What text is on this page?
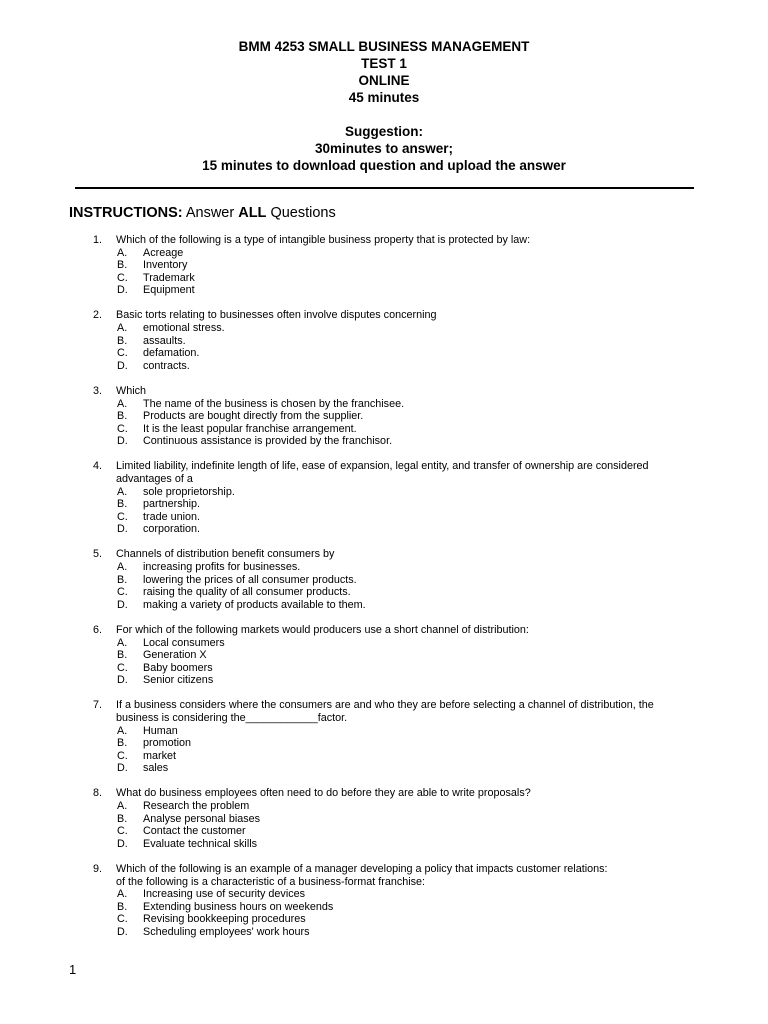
BMM 4253 SMALL BUSINESS MANAGEMENT
TEST 1
ONLINE
45 minutes
Suggestion:
30minutes to answer;
15 minutes to download question and upload the answer
INSTRUCTIONS: Answer ALL Questions
1.	Which of the following is a type of intangible business property that is protected by law:
A.	Acreage
B.	Inventory
C.	Trademark
D.	Equipment
2.	Basic torts relating to businesses often involve disputes concerning
A.	emotional stress.
B.	assaults.
C.	defamation.
D.	contracts.
3.	Which
A.	The name of the business is chosen by the franchisee.
B.	Products are bought directly from the supplier.
C.	It is the least popular franchise arrangement.
D.	Continuous assistance is provided by the franchisor.
4.	Limited liability, indefinite length of life, ease of expansion, legal entity, and transfer of ownership are considered
advantages of a
A.	sole proprietorship.
B.	partnership.
C.	trade union.
D.	corporation.
5.	Channels of distribution benefit consumers by
A.	increasing profits for businesses.
B.	lowering the prices of all consumer products.
C.	raising the quality of all consumer products.
D.	making a variety of products available to them.
6.	For which of the following markets would producers use a short channel of distribution:
A.	Local consumers
B.	Generation X
C.	Baby boomers
D.	Senior citizens
7.	If a business considers where the consumers are and who they are before selecting a channel of distribution, the
business is considering the____________factor.
A.	Human
B.	promotion
C.	market
D.	sales
8.	What do business employees often need to do before they are able to write proposals?
A.	Research the problem
B.	Analyse personal biases
C.	Contact the customer
D.	Evaluate technical skills
9.	Which of the following is an example of a manager developing a policy that impacts customer relations:
of the following is a characteristic of a business-format franchise:
A.	Increasing use of security devices
B.	Extending business hours on weekends
C.	Revising bookkeeping procedures
D.	Scheduling employees' work hours
1
